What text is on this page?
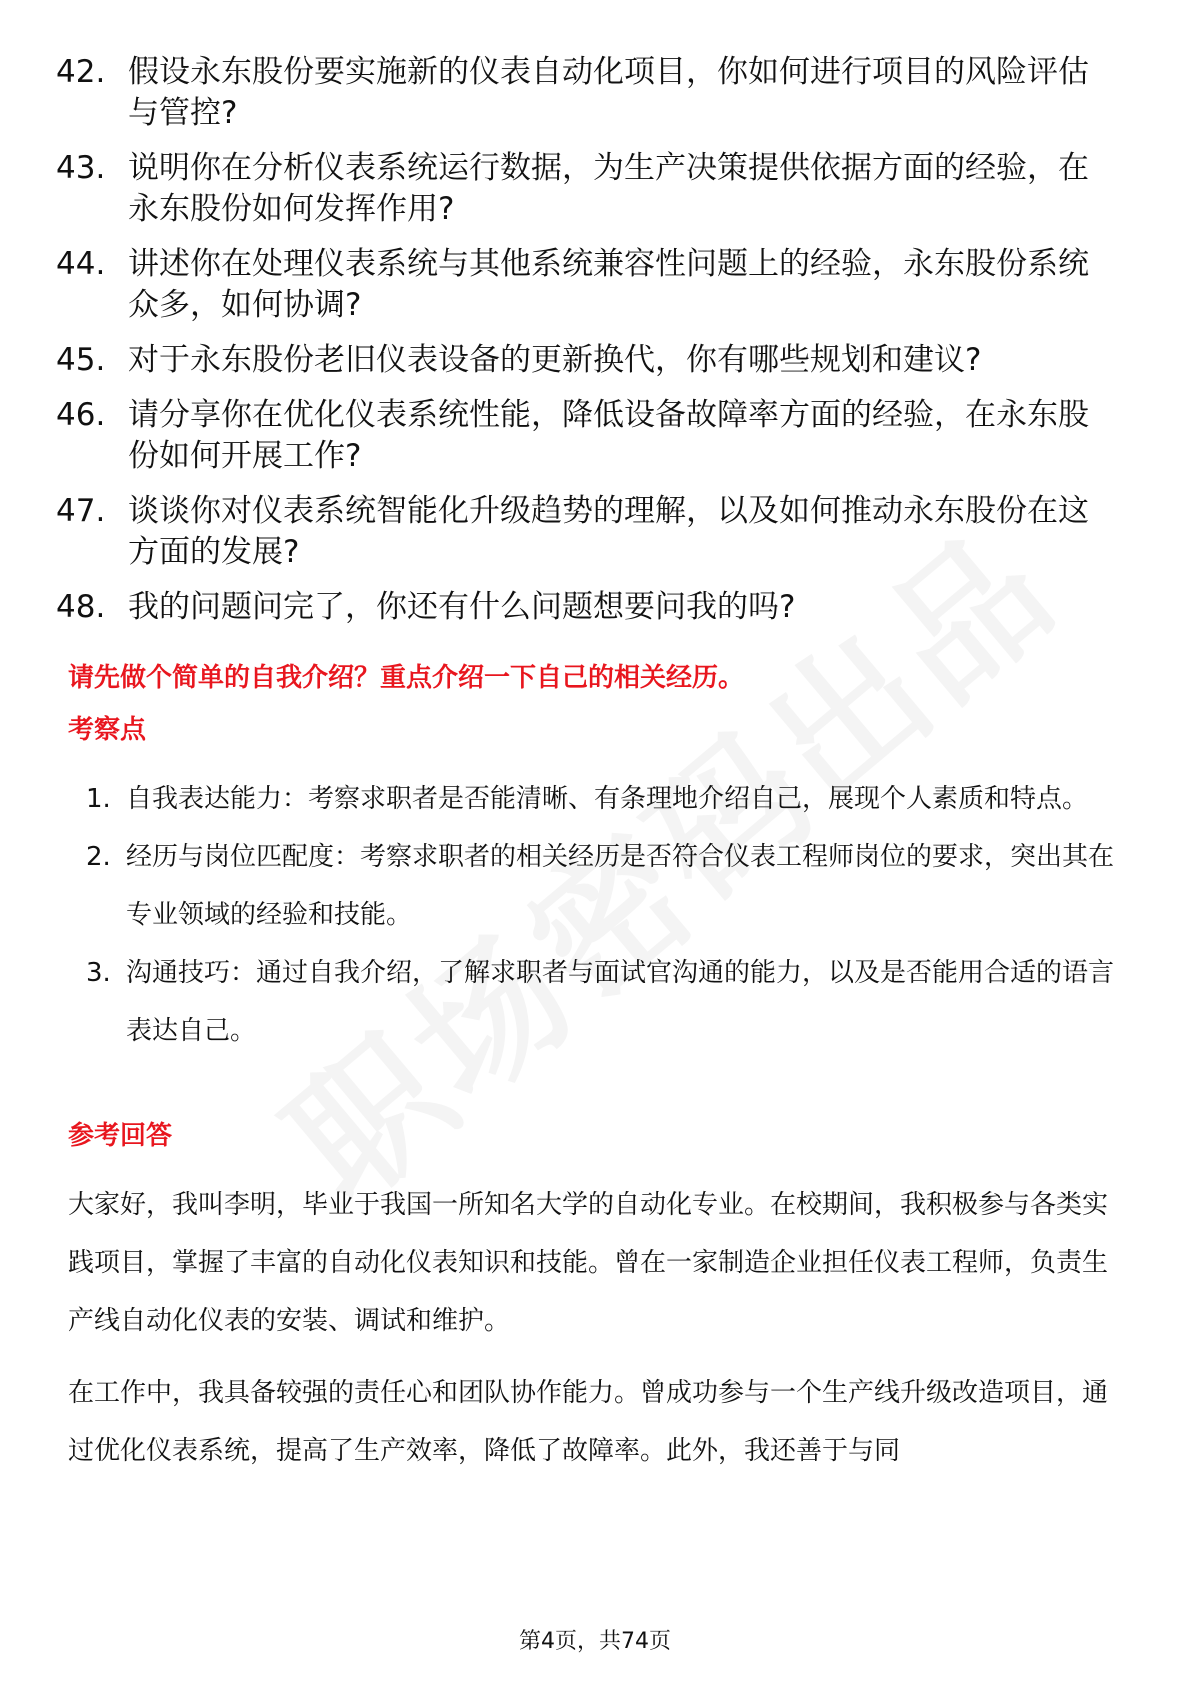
42. 假设永东股份要实施新的仪表自动化项目，你如何进行项目的风险评估与管控?
43. 说明你在分析仪表系统运行数据，为生产决策提供依据方面的经验，在永东股份如何发挥作用?
44. 讲述你在处理仪表系统与其他系统兼容性问题上的经验，永东股份系统众多，如何协调?
45. 对于永东股份老旧仪表设备的更新换代，你有哪些规划和建议?
46. 请分享你在优化仪表系统性能，降低设备故障率方面的经验，在永东股份如何开展工作?
47. 谈谈你对仪表系统智能化升级趋势的理解，以及如何推动永东股份在这方面的发展?
48. 我的问题问完了，你还有什么问题想要问我的吗?
请先做个简单的自我介绍？重点介绍一下自己的相关经历。
考察点
1. 自我表达能力：考察求职者是否能清晰、有条理地介绍自己，展现个人素质和特点。
2. 经历与岗位匹配度：考察求职者的相关经历是否符合仪表工程师岗位的要求，突出其在专业领域的经验和技能。
3. 沟通技巧：通过自我介绍，了解求职者与面试官沟通的能力，以及是否能用合适的语言表达自己。
参考回答

大家好，我叫李明，毕业于我国一所知名大学的自动化专业。在校期间，我积极参与各类实践项目，掌握了丰富的自动化仪表知识和技能。曾在一家制造企业担任仪表工程师，负责生产线自动化仪表的安装、调试和维护。

在工作中，我具备较强的责任心和团队协作能力。曾成功参与一个生产线升级改造项目，通过优化仪表系统，提高了生产效率，降低了故障率。此外，我还善于与同

第4页，共74页
